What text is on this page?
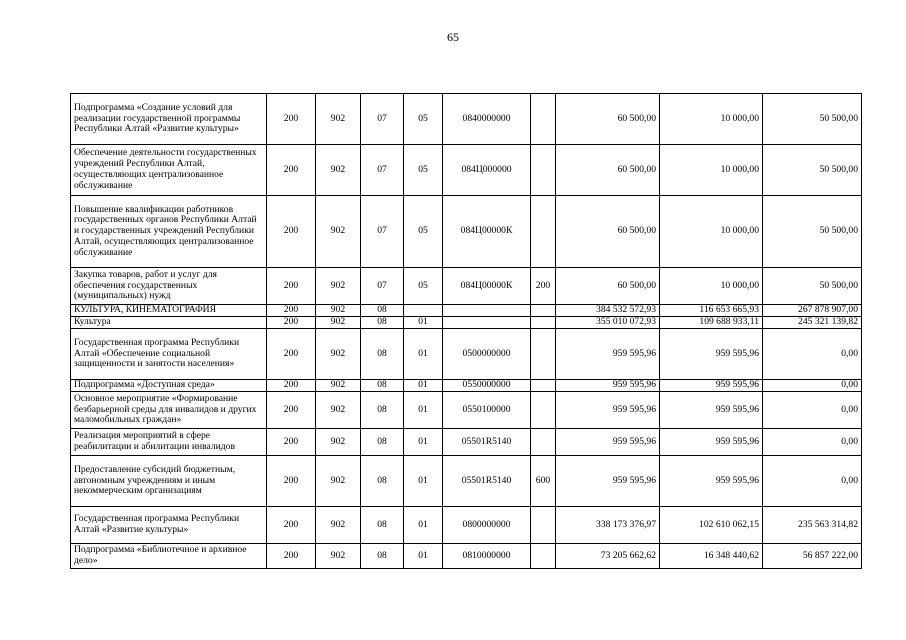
65
Подпрограмма «Создание условий для реализации государственной программы Республики Алтай «Развитие культуры»	200	902	07	05	0840000000		60 500,00	10 000,00	50 500,00
Обеспечение деятельности государственных учреждений Республики Алтай, осуществляющих централизованное обслуживание	200	902	07	05	084Ц000000		60 500,00	10 000,00	50 500,00
Повышение квалификации работников государственных органов Республики Алтай и государственных учреждений Республики Алтай, осуществляющих централизованное обслуживание	200	902	07	05	084Ц00000К		60 500,00	10 000,00	50 500,00
Закупка товаров, работ и услуг для обеспечения государственных (муниципальных) нужд	200	902	07	05	084Ц00000К	200	60 500,00	10 000,00	50 500,00
КУЛЬТУРА, КИНЕМАТОГРАФИЯ	200	902	08				384 532 572,93	116 653 665,93	267 878 907,00
Культура	200	902	08	01			355 010 072,93	109 688 933,11	245 321 139,82
Государственная программа Республики Алтай «Обеспечение социальной защищенности и занятости населения»	200	902	08	01	0500000000		959 595,96	959 595,96	0,00
Подпрограмма «Доступная среда»	200	902	08	01	0550000000		959 595,96	959 595,96	0,00
Основное мероприятие «Формирование безбарьерной среды для инвалидов и других маломобильных граждан»	200	902	08	01	0550100000		959 595,96	959 595,96	0,00
Реализация мероприятий в сфере реабилитации и абилитации инвалидов	200	902	08	01	05501R5140		959 595,96	959 595,96	0,00
Предоставление субсидий бюджетным, автономным учреждениям и иным некоммерческим организациям	200	902	08	01	05501R5140	600	959 595,96	959 595,96	0,00
Государственная программа Республики Алтай «Развитие культуры»	200	902	08	01	0800000000		338 173 376,97	102 610 062,15	235 563 314,82
Подпрограмма «Библиотечное и архивное дело»	200	902	08	01	0810000000		73 205 662,62	16 348 440,62	56 857 222,00
